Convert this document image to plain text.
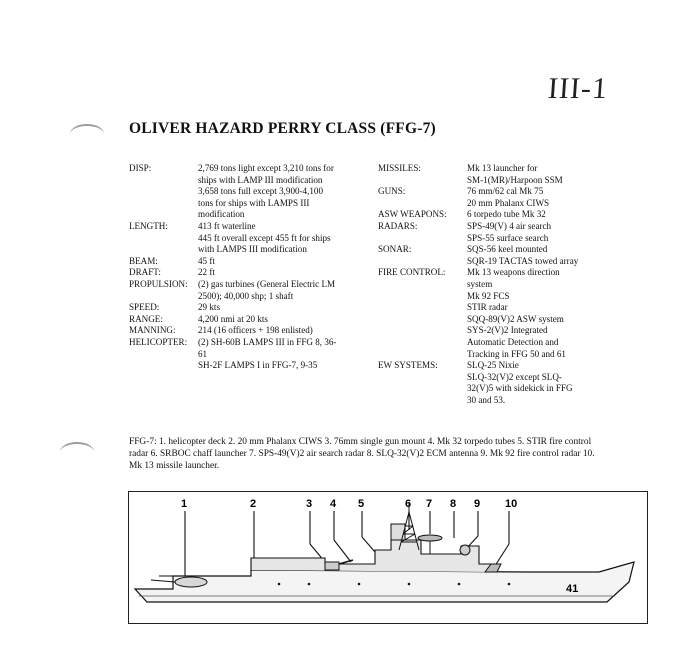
III-1
OLIVER HAZARD PERRY CLASS (FFG-7)
DISP:	2,769 tons light except 3,210 tons for
ships with LAMP III modification
3,658 tons full except 3,900-4,100
tons for ships with LAMPS III
modification
LENGTH:	413 ft waterline
445 ft overall except 455 ft for ships
with LAMPS III modification
BEAM:	45 ft
DRAFT:	22 ft
PROPULSION:	(2) gas turbines (General Electric LM
2500); 40,000 shp; 1 shaft
SPEED:	29 kts
RANGE:	4,200 nmi at 20 kts
MANNING:	214 (16 officers + 198 enlisted)
HELICOPTER:	(2) SH-60B LAMPS III in FFG 8, 36-
61
SH-2F LAMPS I in FFG-7, 9-35
MISSILES:	Mk 13 launcher for
SM-1(MR)/Harpoon SSM
GUNS:	76 mm/62 cal Mk 75
20 mm Phalanx CIWS
ASW WEAPONS:	6 torpedo tube Mk 32
RADARS:	SPS-49(V) 4 air search
SPS-55 surface search
SONAR:	SQS-56 keel mounted
SQR-19 TACTAS towed array
FIRE CONTROL:	Mk 13 weapons direction
system
Mk 92 FCS
STIR radar
SQQ-89(V)2 ASW system
SYS-2(V)2 Integrated
Automatic Detection and
Tracking in FFG 50 and 61
EW SYSTEMS:	SLQ-25 Nixie
SLQ-32(V)2 except SLQ-
32(V)5 with sidekick in FFG
30 and 53.
FFG-7: 1. helicopter deck 2. 20 mm Phalanx CIWS 3. 76mm single gun mount 4. Mk 32 torpedo tubes 5. STIR fire control radar 6. SRBOC chaff launcher 7. SPS-49(V)2 air search radar 8. SLQ-32(V)2 ECM antenna 9. Mk 92 fire control radar 10. Mk 13 missile launcher.
1	2	3 4 5	6 7 8 9 10
41
